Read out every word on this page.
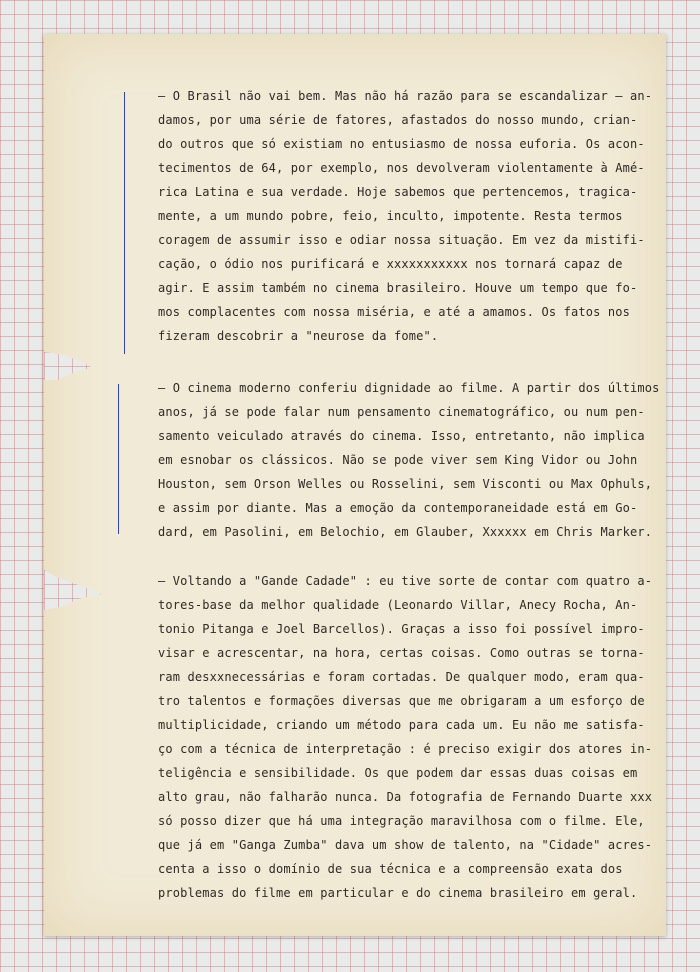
— O Brasil não vai bem. Mas não há razão para se escandalizar — an-
damos, por uma série de fatores, afastados do nosso mundo, crian-
do outros que só existiam no entusiasmo de nossa euforia. Os acon-
tecimentos de 64, por exemplo, nos devolveram violentamente à Amé-
rica Latina e sua verdade. Hoje sabemos que pertencemos, tragica-
mente, a um mundo pobre, feio, inculto, impotente. Resta termos
coragem de assumir isso e odiar nossa situação. Em vez da mistifi-
cação, o ódio nos purificará e xxxxxxxxxxx nos tornará capaz de
agir. E assim também no cinema brasileiro. Houve um tempo que fo-
mos complacentes com nossa miséria, e até a amamos. Os fatos nos
fizeram descobrir a "neurose da fome".
— O cinema moderno conferiu dignidade ao filme. A partir dos últimos
anos, já se pode falar num pensamento cinematográfico, ou num pen-
samento veiculado através do cinema. Isso, entretanto, não implica
em esnobar os clássicos. Não se pode viver sem King Vidor ou John
Houston, sem Orson Welles ou Rosselini, sem Visconti ou Max Ophuls,
e assim por diante. Mas a emoção da contemporaneidade está em Go-
dard, em Pasolini, em Belochio, em Glauber, Xxxxxx em Chris Marker.
— Voltando a "Gande Cadade" : eu tive sorte de contar com quatro a-
tores-base da melhor qualidade (Leonardo Villar, Anecy Rocha, An-
tonio Pitanga e Joel Barcellos). Graças a isso foi possível impro-
visar e acrescentar, na hora, certas coisas. Como outras se torna-
ram desxxnecessárias e foram cortadas. De qualquer modo, eram qua-
tro talentos e formações diversas que me obrigaram a um esforço de
multiplicidade, criando um método para cada um. Eu não me satisfa-
ço com a técnica de interpretação : é preciso exigir dos atores in-
teligência e sensibilidade. Os que podem dar essas duas coisas em
alto grau, não falharão nunca. Da fotografia de Fernando Duarte xxx
só posso dizer que há uma integração maravilhosa com o filme. Ele,
que já em "Ganga Zumba" dava um show de talento, na "Cidade" acres-
centa a isso o domínio de sua técnica e a compreensão exata dos
problemas do filme em particular e do cinema brasileiro em geral.
